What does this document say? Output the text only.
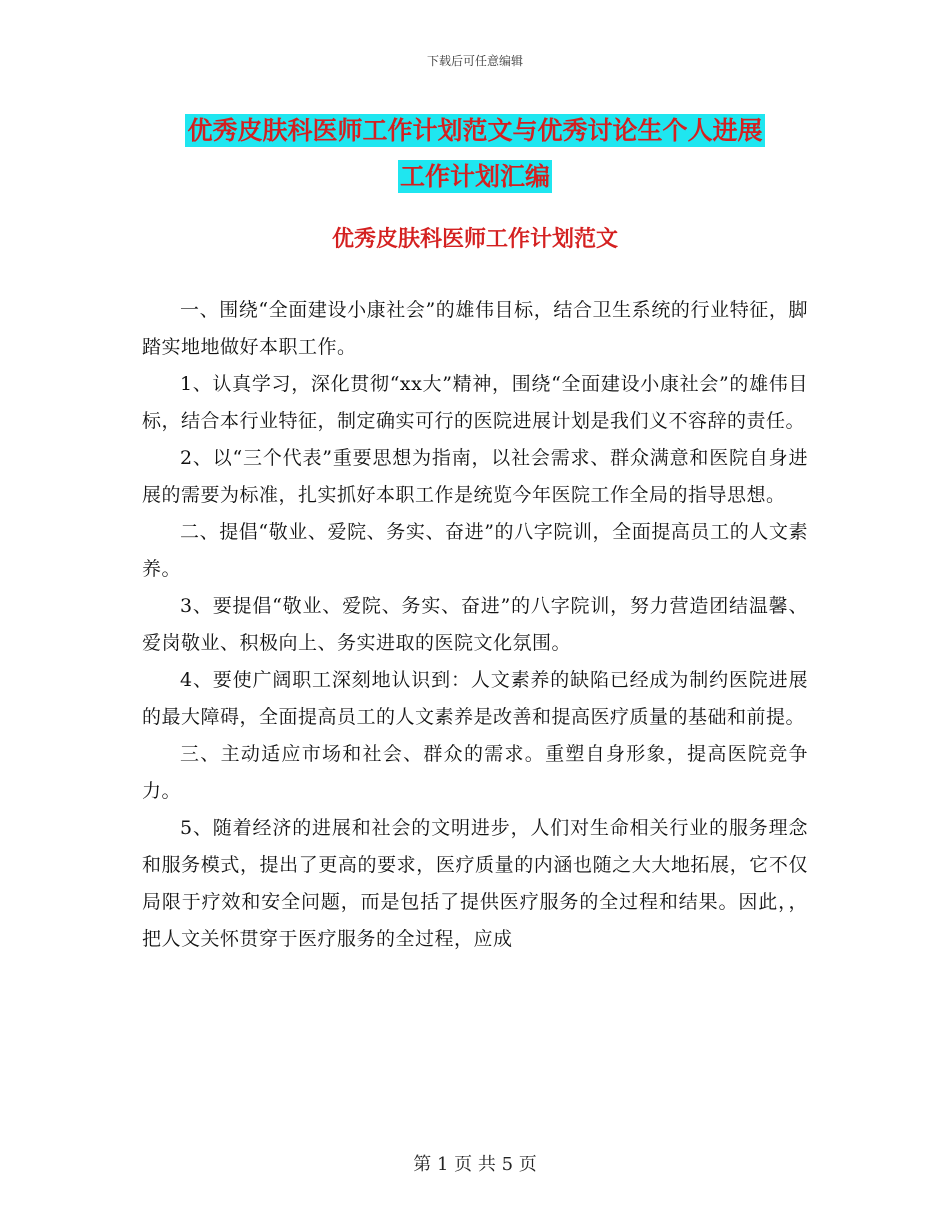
下载后可任意编辑
优秀皮肤科医师工作计划范文与优秀讨论生个人进展
工作计划汇编
优秀皮肤科医师工作计划范文

一、围绕“全面建设小康社会”的雄伟目标，结合卫生系统的行业特征，脚踏实地地做好本职工作。

1、认真学习，深化贯彻“xx大”精神，围绕“全面建设小康社会”的雄伟目标，结合本行业特征，制定确实可行的医院进展计划是我们义不容辞的责任。

2、以“三个代表”重要思想为指南，以社会需求、群众满意和医院自身进展的需要为标准，扎实抓好本职工作是统览今年医院工作全局的指导思想。

二、提倡“敬业、爱院、务实、奋进”的八字院训，全面提高员工的人文素养。

3、要提倡“敬业、爱院、务实、奋进”的八字院训，努力营造团结温馨、爱岗敬业、积极向上、务实进取的医院文化氛围。

4、要使广阔职工深刻地认识到：人文素养的缺陷已经成为制约医院进展的最大障碍，全面提高员工的人文素养是改善和提高医疗质量的基础和前提。

三、主动适应市场和社会、群众的需求。重塑自身形象，提高医院竞争力。

5、随着经济的进展和社会的文明进步，人们对生命相关行业的服务理念和服务模式，提出了更高的要求，医疗质量的内涵也随之大大地拓展，它不仅局限于疗效和安全问题，而是包括了提供医疗服务的全过程和结果。因此，，把人文关怀贯穿于医疗服务的全过程，应成

第 1 页 共 5 页
